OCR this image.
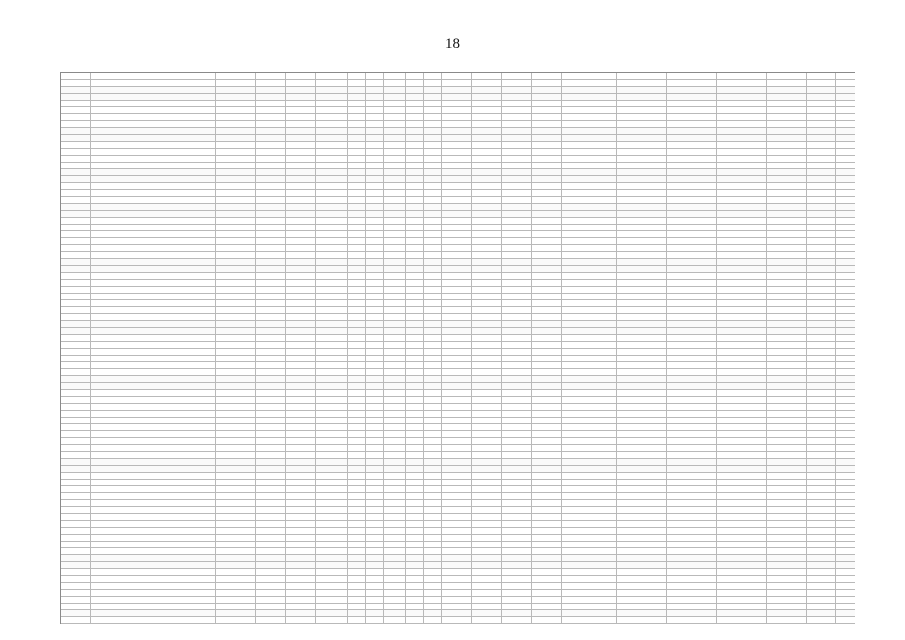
18
